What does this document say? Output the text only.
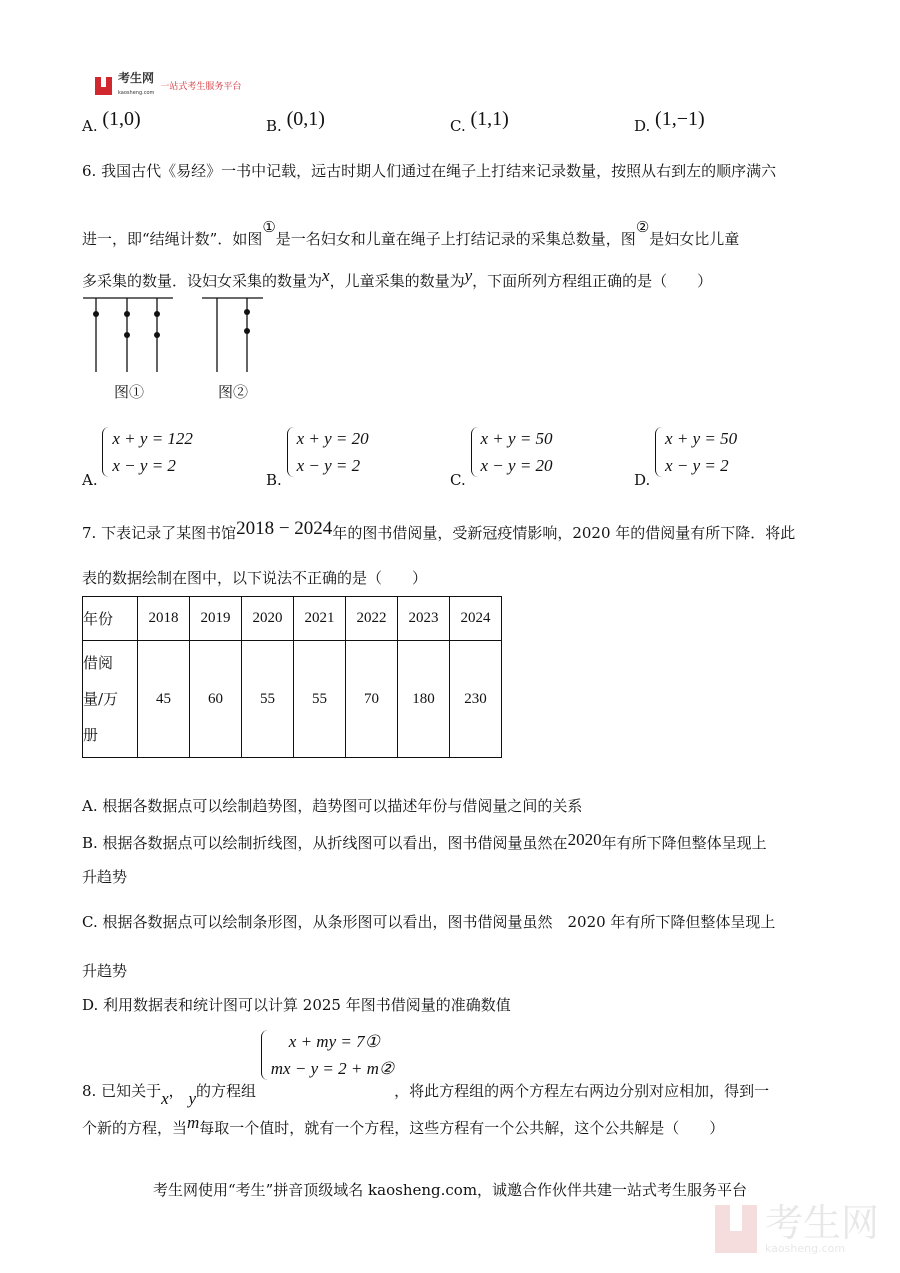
考生网
kaosheng.com
一站式考生服务平台
A. (1,0)	B. (0,1)	C. (1,1)	D. (1,−1)
6. 我国古代《易经》一书中记载，远古时期人们通过在绳子上打结来记录数量，按照从右到左的顺序满六
进一，即“结绳计数”．如图①是一名妇女和儿童在绳子上打结记录的采集总数量，图②是妇女比儿童
多采集的数量．设妇女采集的数量为x，儿童采集的数量为y，下面所列方程组正确的是（　　）
图①	图②
A. x + y = 122
x − y = 2
B. x + y = 20
x − y = 2
C. x + y = 50
x − y = 20
D. x + y = 50
x − y = 2
7. 下表记录了某图书馆2018 − 2024年的图书借阅量，受新冠疫情影响，2020 年的借阅量有所下降．将此
表的数据绘制在图中，以下说法不正确的是（　　）
年份	2018	2019	2020	2021	2022	2023	2024
借阅
量/万
册	45	60	55	55	70	180	230
A. 根据各数据点可以绘制趋势图，趋势图可以描述年份与借阅量之间的关系
B. 根据各数据点可以绘制折线图，从折线图可以看出，图书借阅量虽然在2020年有所下降但整体呈现上
升趋势
C. 根据各数据点可以绘制条形图，从条形图可以看出，图书借阅量虽然　2020 年有所下降但整体呈现上
升趋势
D. 利用数据表和统计图可以计算 2025 年图书借阅量的准确数值
8. 已知关于x， y的方程组 x + my = 7①
mx − y = 2 + m②，将此方程组的两个方程左右两边分别对应相加，得到一
个新的方程，当m每取一个值时，就有一个方程，这些方程有一个公共解，这个公共解是（　　）
考生网使用“考生”拼音顶级域名 kaosheng.com，诚邀合作伙伴共建一站式考生服务平台
考生网
kaosheng.com
